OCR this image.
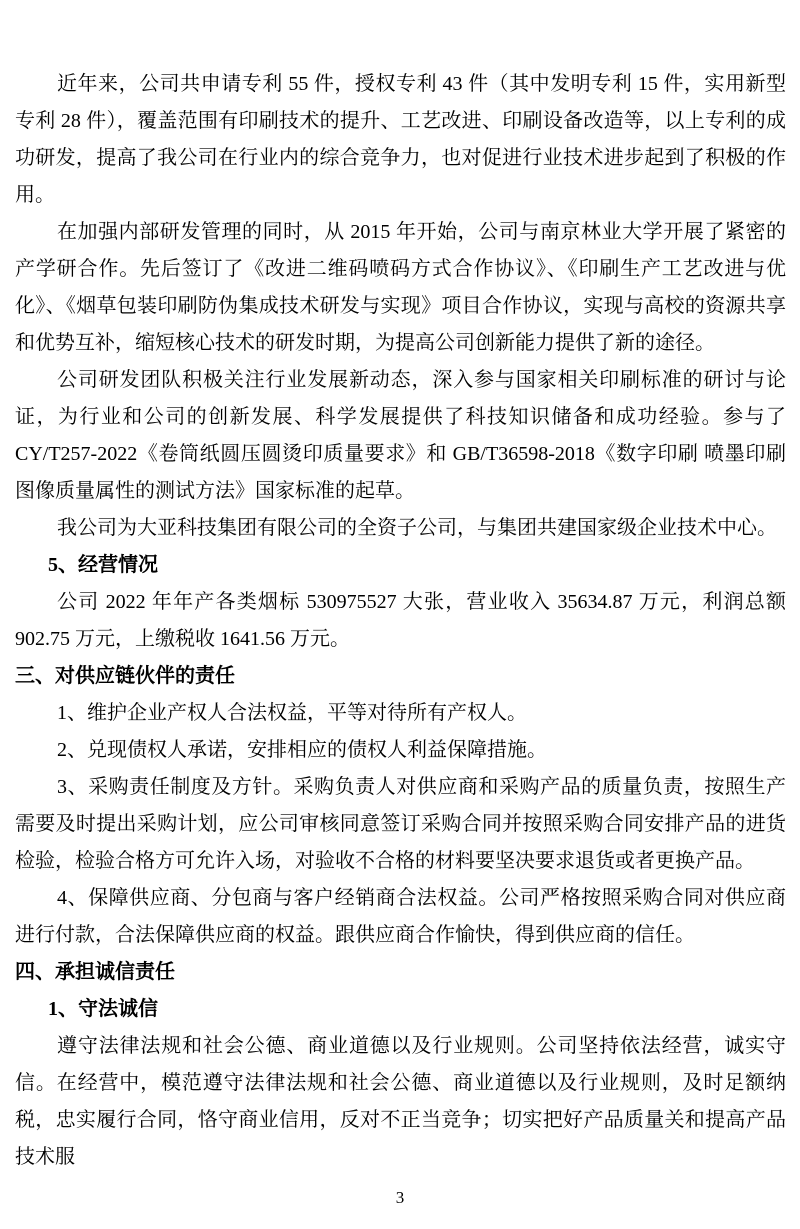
近年来，公司共申请专利 55 件，授权专利 43 件（其中发明专利 15 件，实用新型专利 28 件），覆盖范围有印刷技术的提升、工艺改进、印刷设备改造等，以上专利的成功研发，提高了我公司在行业内的综合竞争力，也对促进行业技术进步起到了积极的作用。

在加强内部研发管理的同时，从 2015 年开始，公司与南京林业大学开展了紧密的产学研合作。先后签订了《改进二维码喷码方式合作协议》、《印刷生产工艺改进与优化》、《烟草包装印刷防伪集成技术研发与实现》项目合作协议，实现与高校的资源共享和优势互补，缩短核心技术的研发时期，为提高公司创新能力提供了新的途径。

公司研发团队积极关注行业发展新动态，深入参与国家相关印刷标准的研讨与论证，为行业和公司的创新发展、科学发展提供了科技知识储备和成功经验。参与了 CY/T257-2022《卷筒纸圆压圆烫印质量要求》和 GB/T36598-2018《数字印刷 喷墨印刷图像质量属性的测试方法》国家标准的起草。

我公司为大亚科技集团有限公司的全资子公司，与集团共建国家级企业技术中心。

5、经营情况

公司 2022 年年产各类烟标 530975527 大张，营业收入 35634.87 万元，利润总额 902.75 万元，上缴税收 1641.56 万元。

三、对供应链伙伴的责任

1、维护企业产权人合法权益，平等对待所有产权人。

2、兑现债权人承诺，安排相应的债权人利益保障措施。

3、采购责任制度及方针。采购负责人对供应商和采购产品的质量负责，按照生产需要及时提出采购计划，应公司审核同意签订采购合同并按照采购合同安排产品的进货检验，检验合格方可允许入场，对验收不合格的材料要坚决要求退货或者更换产品。

4、保障供应商、分包商与客户经销商合法权益。公司严格按照采购合同对供应商进行付款，合法保障供应商的权益。跟供应商合作愉快，得到供应商的信任。

四、承担诚信责任
1、守法诚信

遵守法律法规和社会公德、商业道德以及行业规则。公司坚持依法经营，诚实守信。在经营中，模范遵守法律法规和社会公德、商业道德以及行业规则，及时足额纳税，忠实履行合同，恪守商业信用，反对不正当竞争；切实把好产品质量关和提高产品技术服

3
